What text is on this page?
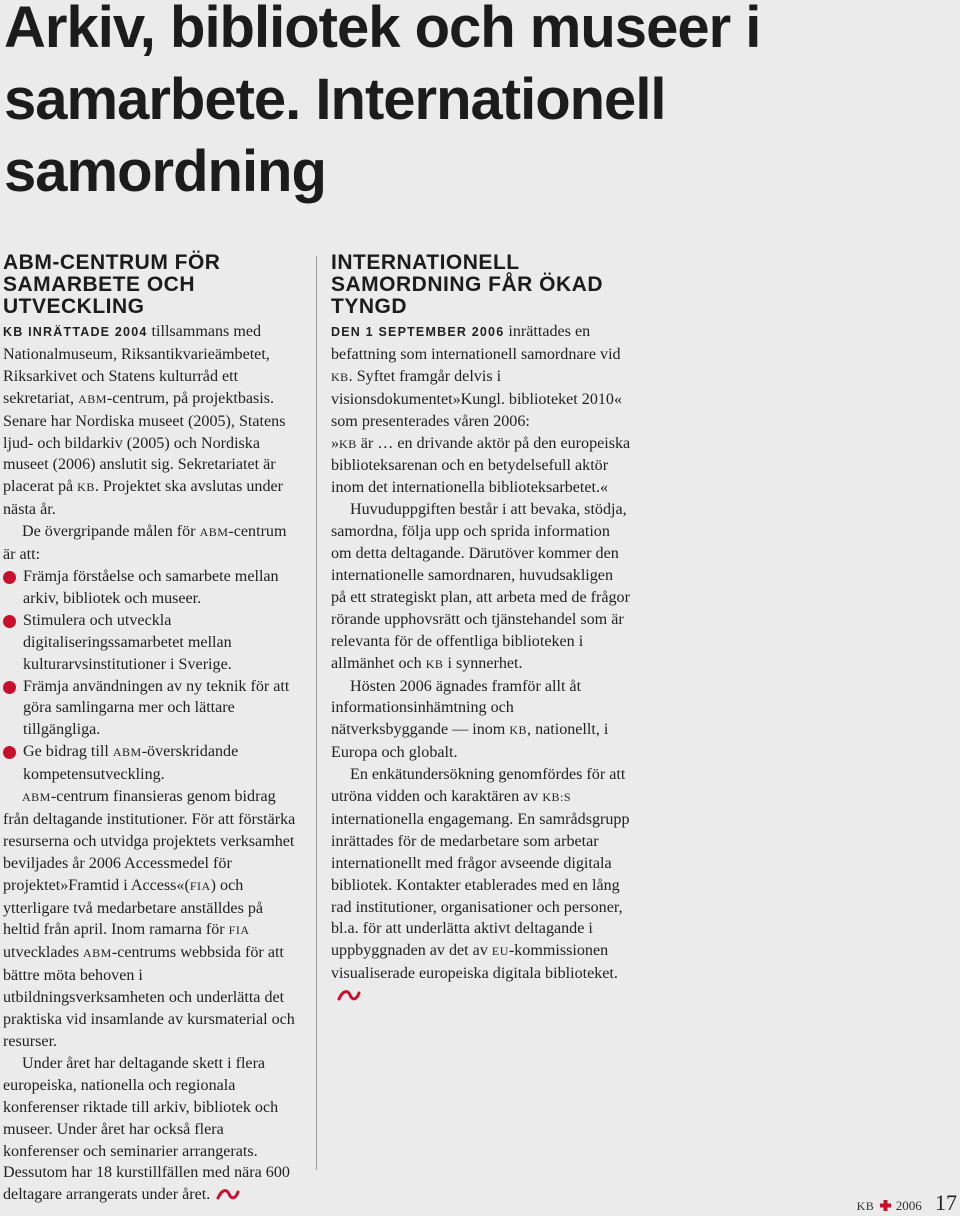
Arkiv, bibliotek och museer i samarbete. Internationell samordning
ABM-CENTRUM FÖR SAMARBETE OCH UTVECKLING

KB INRÄTTADE 2004 tillsammans med Nationalmuseum, Riksantikvarieämbetet, Riksarkivet och Statens kulturråd ett sekretariat, ABM-centrum, på projektbasis. Senare har Nordiska museet (2005), Statens ljud- och bildarkiv (2005) och Nordiska museet (2006) anslutit sig. Sekretariatet är placerat på KB. Projektet ska avslutas under nästa år.

De övergripande målen för ABM-centrum är att:

Främja förståelse och samarbete mellan arkiv, bibliotek och museer.
Stimulera och utveckla digitaliseringssamarbetet mellan kulturarvsinstitutioner i Sverige.
Främja användningen av ny teknik för att göra samlingarna mer och lättare tillgängliga.
Ge bidrag till ABM-överskridande kompetensutveckling.

ABM-centrum finansieras genom bidrag från deltagande institutioner. För att förstärka resurserna och utvidga projektets verksamhet beviljades år 2006 Accessmedel för projektet»Framtid i Access«(FIA) och ytterligare två medarbetare anställdes på heltid från april. Inom ramarna för FIA utvecklades ABM-centrums webbsida för att bättre möta behoven i utbildningsverksamheten och underlätta det praktiska vid insamlande av kursmaterial och resurser.

Under året har deltagande skett i flera europeiska, nationella och regionala konferenser riktade till arkiv, bibliotek och museer. Under året har också flera konferenser och seminarier arrangerats. Dessutom har 18 kurstillfällen med nära 600 deltagare arrangerats under året.

INTERNATIONELL SAMORDNING FÅR ÖKAD TYNGD

DEN 1 SEPTEMBER 2006 inrättades en befattning som internationell samordnare vid KB. Syftet framgår delvis i visionsdokumentet»Kungl. biblioteket 2010« som presenterades våren 2006:

»KB är … en drivande aktör på den europeiska biblioteksarenan och en betydelsefull aktör inom det internationella biblioteksarbetet.«

Huvuduppgiften består i att bevaka, stödja, samordna, följa upp och sprida information om detta deltagande. Därutöver kommer den internationelle samordnaren, huvudsakligen på ett strategiskt plan, att arbeta med de frågor rörande upphovsrätt och tjänstehandel som är relevanta för de offentliga biblioteken i allmänhet och KB i synnerhet.

Hösten 2006 ägnades framför allt åt informationsinhämtning och nätverksbyggande — inom KB, nationellt, i Europa och globalt.

En enkätundersökning genomfördes för att utröna vidden och karaktären av KB:S internationella engagemang. En samrådsgrupp inrättades för de medarbetare som arbetar internationellt med frågor avseende digitala bibliotek. Kontakter etablerades med en lång rad institutioner, organisationer och personer, bl.a. för att underlätta aktivt deltagande i uppbyggnaden av det av EU-kommissionen visualiserade europeiska digitala biblioteket.

KB 2006 17
